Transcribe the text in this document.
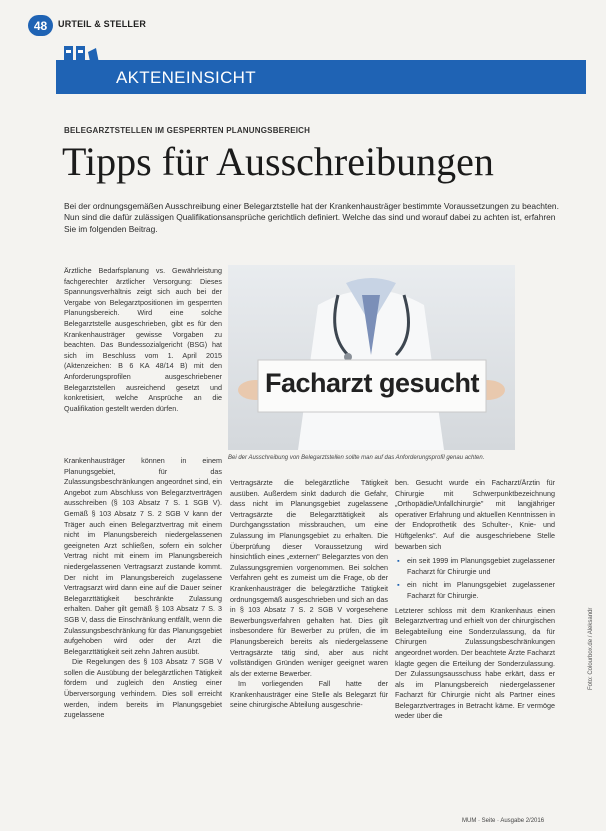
48 URTEIL & STELLER
AKTENEINSICHT
BELEGARZTSTELLEN IM GESPERRTEN PLANUNGSBEREICH
Tipps für Ausschreibungen
Bei der ordnungsgemäßen Ausschreibung einer Belegarztstelle hat der Krankenhausträger bestimmte Voraussetzungen zu beachten. Nun sind die dafür zulässigen Qualifikationsansprüche gerichtlich definiert. Welche das sind und worauf dabei zu achten ist, erfahren Sie im folgenden Beitrag.

Ärztliche Bedarfsplanung vs. Gewährleistung fachgerechter ärztlicher Versorgung: Dieses Spannungsverhältnis zeigt sich auch bei der Vergabe von Belegarztpositionen im gesperrten Planungsbereich. Wird eine solche Belegarztstelle ausgeschrieben, gibt es für den Krankenhausträger gewisse Vorgaben zu beachten. Das Bundessozialgericht (BSG) hat sich im Beschluss vom 1. April 2015 (Aktenzeichen: B 6 KA 48/14 B) mit den Anforderungsprofilen ausgeschriebener Belegarztstellen ausreichend gesetzt und konkretisiert, welche Ansprüche an die Qualifikation gestellt werden dürfen.

Facharzt gesucht
Bei der Ausschreibung von Belegarztstellen sollte man auf das Anforderungsprofil genau achten.

Krankenhausträger können in einem Planungsgebiet, für das Zulassungsbeschränkungen angeordnet sind, ein Angebot zum Abschluss von Belegarztverträgen ausschreiben (§ 103 Absatz 7 S. 1 SGB V). Gemäß § 103 Absatz 7 S. 2 SGB V kann der Träger auch einen Belegarztvertrag mit einem nicht im Planungsbereich niedergelassenen geeigneten Arzt schließen, sofern ein solcher Vertrag nicht mit einem im Planungsbereich niedergelassenen Vertragsarzt zustande kommt. Der nicht im Planungsbereich zugelassene Vertragsarzt wird dann eine auf die Dauer seiner Belegarzttätigkeit beschränkte Zulassung erhalten. Daher gilt gemäß § 103 Absatz 7 S. 3 SGB V, dass die Einschränkung entfällt, wenn die Zulassungsbeschränkung für das Planungsgebiet aufgehoben wird oder der Arzt die Belegarzttätigkeit seit zehn Jahren ausübt.

Die Regelungen des § 103 Absatz 7 SGB V sollen die Ausübung der belegärztlichen Tätigkeit fördern und zugleich den Anstieg einer Überversorgung verhindern. Dies soll erreicht werden, indem bereits im Planungsgebiet zugelassene

Vertragsärzte die belegärztliche Tätigkeit ausüben. Außerdem sinkt dadurch die Gefahr, dass nicht im Planungsgebiet zugelassene Vertragsärzte die Belegarzttätigkeit als Durchgangsstation missbrauchen, um eine Zulassung im Planungsgebiet zu erhalten. Die Überprüfung dieser Voraussetzung wird hinsichtlich eines „externen" Belegarztes von den Zulassungsgremien vorgenommen. Bei solchen Verfahren geht es zumeist um die Frage, ob der Krankenhausträger die belegärztliche Tätigkeit ordnungsgemäß ausgeschrieben und sich an das in § 103 Absatz 7 S. 2 SGB V vorgesehene Bewerbungsverfahren gehalten hat. Dies gilt insbesondere für Bewerber zu prüfen, die im Planungsbereich bereits als niedergelassene Vertragsärzte tätig sind, aber aus nicht vollständigen Gründen weniger geeignet waren als der externe Bewerber.

Im vorliegenden Fall hatte der Krankenhausträger eine Stelle als Belegarzt für seine chirurgische Abteilung ausgeschrie-

ben. Gesucht wurde ein Facharzt/Ärztin für Chirurgie mit Schwerpunktbezeichnung „Orthopädie/Unfallchirurgie" mit langjähriger operativer Erfahrung und aktuellen Kenntnissen in der Endoprothetik des Schulter-, Knie- und Hüftgelenks". Auf die ausgeschriebene Stelle bewarben sich

▪ ein seit 1999 im Planungsgebiet zugelassener Facharzt für Chirurgie und
▪ ein nicht im Planungsgebiet zugelassener Facharzt für Chirurgie.

Letzterer schloss mit dem Krankenhaus einen Belegarztvertrag und erhielt von der chirurgischen Belegabteilung eine Sonderzulassung, da für Chirurgen Zulassungsbeschränkungen angeordnet worden. Der beachtete Ärzte Facharzt klagte gegen die Erteilung der Sonderzulassung. Der Zulassungsausschuss habe erkärt, dass er als im Planungsbereich niedergelassener Facharzt für Chirurgie nicht als Partner eines Belegarztvertrages in Betracht käme. Er vermöge weder über die

Foto: Colourbox.de / Aleksandr
MUM · Seite · Ausgabe 2/2016
